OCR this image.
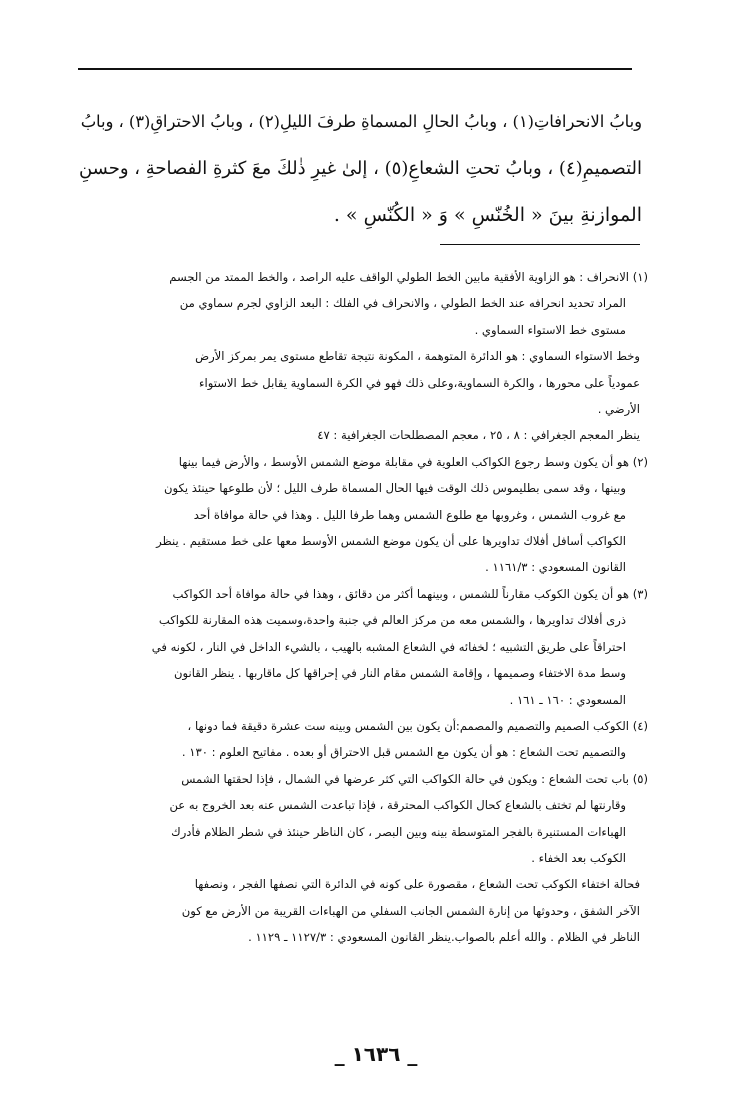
وبابُ الانحرافاتِ(١) ، وبابُ الحالِ المسماةِ طرفَ الليلِ(٢) ، وبابُ الاحتراقِ(٣) ، وبابُ
التصميمِ(٤) ، وبابُ تحتِ الشعاعِ(٥) ، إلىٰ غيرِ ذٰلكَ معَ كثرةِ الفصاحةِ ، وحسنِ
الموازنةِ بينَ « الخُنّسِ » وَ « الكُنّسِ » .
(١) الانحراف : هو الزاوية الأفقية مابين الخط الطولي الواقف عليه الراصد ، والخط الممتد من الجسم
المراد تحديد انحرافه عند الخط الطولي ، والانحراف في الفلك : البعد الزاوي لجرم سماوي من
مستوى خط الاستواء السماوي .
وخط الاستواء السماوي : هو الدائرة المتوهمة ، المكونة نتيجة تقاطع مستوى يمر بمركز الأرض
عمودياً على محورها ، والكرة السماوية،وعلى ذلك فهو في الكرة السماوية يقابل خط الاستواء
الأرضي .
ينظر المعجم الجغرافي : ٨ ، ٢٥ ، معجم المصطلحات الجغرافية : ٤٧
(٢) هو أن يكون وسط رجوع الكواكب العلوية في مقابلة موضع الشمس الأوسط ، والأرض فيما بينها
وبينها ، وقد سمى بطليموس ذلك الوقت فيها الحال المسماة طرف الليل ؛ لأن طلوعها حينئذ يكون
مع غروب الشمس ، وغروبها مع طلوع الشمس وهما طرفا الليل . وهذا في حالة موافاة أحد
الكواكب أسافل أفلاك تداويرها على أن يكون موضع الشمس الأوسط معها على خط مستقيم . ينظر
القانون المسعودي : ١١٦١/٣ .
(٣) هو أن يكون الكوكب مقارناً للشمس ، وبينهما أكثر من دقائق ، وهذا في حالة موافاة أحد الكواكب
ذرى أفلاك تداويرها ، والشمس معه من مركز العالم في جنبة واحدة،وسميت هذه المقارنة للكواكب
احتراقاً على طريق التشبيه ؛ لخفائه في الشعاع المشبه بالهيب ، بالشيء الداخل في النار ، لكونه في
وسط مدة الاختفاء وصميمها ، وإقامة الشمس مقام النار في إحراقها كل ماقاربها . ينظر القانون
المسعودي : ١٦٠ ـ ١٦١ .
(٤) الكوكب الصميم والتصميم والمصمم:أن يكون بين الشمس وبينه ست عشرة دقيقة فما دونها ،
والتصميم تحت الشعاع : هو أن يكون مع الشمس قبل الاحتراق أو بعده . مفاتيح العلوم : ١٣٠ .
(٥) باب تحت الشعاع : ويكون في حالة الكواكب التي كثر عرضها في الشمال ، فإذا لحقتها الشمس
وقارنتها لم تختف بالشعاع كحال الكواكب المحترقة ، فإذا تباعدت الشمس عنه بعد الخروج به عن
الهباءات المستنيرة بالفجر المتوسطة بينه وبين البصر ، كان الناظر حينئذ في شطر الظلام فأدرك
الكوكب بعد الخفاء .
فحالة اختفاء الكوكب تحت الشعاع ، مقصورة على كونه في الدائرة التي نصفها الفجر ، ونصفها
الآخر الشفق ، وحدوثها من إنارة الشمس الجانب السفلي من الهباءات القريبة من الأرض مع كون
الناظر في الظلام . والله أعلم بالصواب.ينظر القانون المسعودي : ١١٢٧/٣ ـ ١١٢٩ .
_ ١٦٣٦ _
